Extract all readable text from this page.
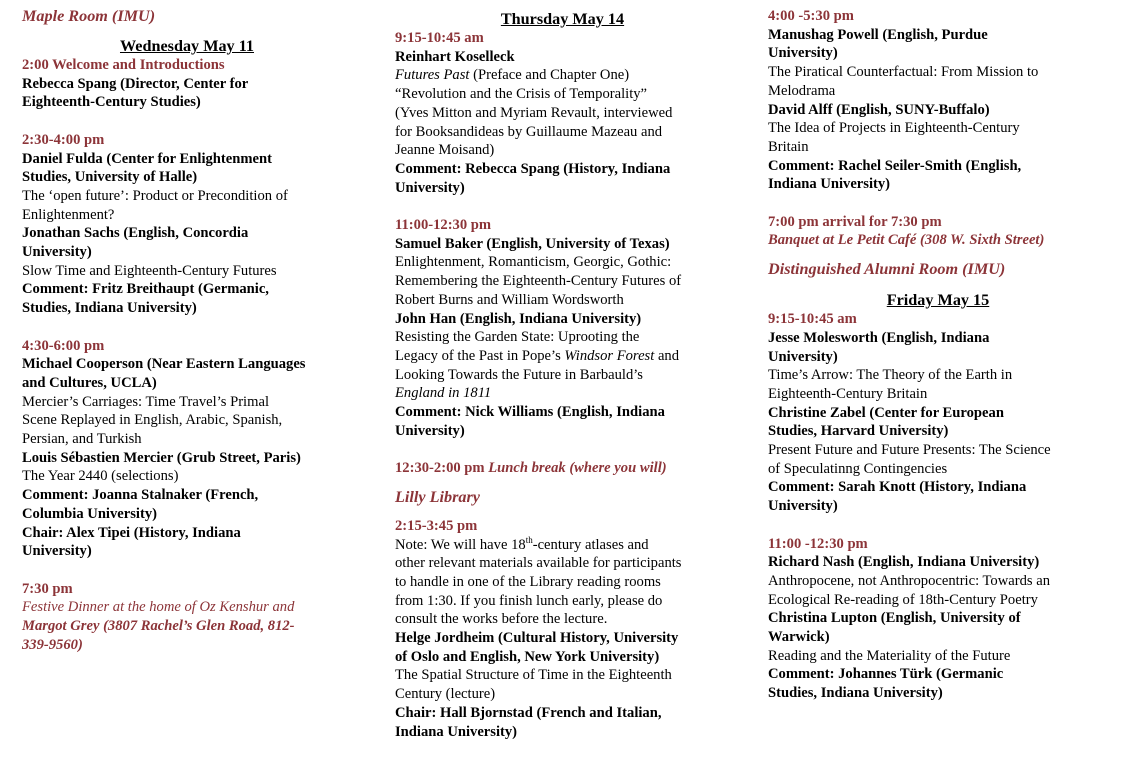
Maple Room (IMU)
Wednesday May 11
2:00 Welcome and Introductions
Rebecca Spang (Director, Center for
Eighteenth-Century Studies)
2:30-4:00 pm
Daniel Fulda (Center for Enlightenment
Studies, University of Halle)
The ‘open future’: Product or Precondition of
Enlightenment?
Jonathan Sachs (English, Concordia
University)
Slow Time and Eighteenth-Century Futures
Comment: Fritz Breithaupt (Germanic,
Studies, Indiana University)
4:30-6:00 pm
Michael Cooperson (Near Eastern Languages
and Cultures, UCLA)
Mercier’s Carriages: Time Travel’s Primal
Scene Replayed in English, Arabic, Spanish,
Persian, and Turkish
Louis Sébastien Mercier (Grub Street, Paris)
The Year 2440 (selections)
Comment: Joanna Stalnaker (French,
Columbia University)
Chair: Alex Tipei (History, Indiana
University)
7:30 pm
Festive Dinner at the home of Oz Kenshur and
Margot Grey (3807 Rachel’s Glen Road, 812-
339-9560)
Thursday May 14
9:15-10:45 am
Reinhart Koselleck
Futures Past (Preface and Chapter One)
“Revolution and the Crisis of Temporality”
(Yves Mitton and Myriam Revault, interviewed
for Booksandideas by Guillaume Mazeau and
Jeanne Moisand)
Comment: Rebecca Spang (History, Indiana
University)
11:00-12:30 pm
Samuel Baker (English, University of Texas)
Enlightenment, Romanticism, Georgic, Gothic:
Remembering the Eighteenth-Century Futures of
Robert Burns and William Wordsworth
John Han (English, Indiana University)
Resisting the Garden State: Uprooting the
Legacy of the Past in Pope’s Windsor Forest and
Looking Towards the Future in Barbauld’s
England in 1811
Comment: Nick Williams (English, Indiana
University)
12:30-2:00 pm Lunch break (where you will)
Lilly Library
2:15-3:45 pm
Note: We will have 18th-century atlases and
other relevant materials available for participants
to handle in one of the Library reading rooms
from 1:30. If you finish lunch early, please do
consult the works before the lecture.
Helge Jordheim (Cultural History, University
of Oslo and English, New York University)
The Spatial Structure of Time in the Eighteenth
Century (lecture)
Chair: Hall Bjornstad (French and Italian,
Indiana University)
4:00 -5:30 pm
Manushag Powell (English, Purdue
University)
The Piratical Counterfactual: From Mission to
Melodrama
David Alff (English, SUNY-Buffalo)
The Idea of Projects in Eighteenth-Century
Britain
Comment: Rachel Seiler-Smith (English,
Indiana University)
7:00 pm arrival for 7:30 pm
Banquet at Le Petit Café (308 W. Sixth Street)
Distinguished Alumni Room (IMU)
Friday May 15
9:15-10:45 am
Jesse Molesworth (English, Indiana
University)
Time’s Arrow: The Theory of the Earth in
Eighteenth-Century Britain
Christine Zabel (Center for European
Studies, Harvard University)
Present Future and Future Presents: The Science
of Speculatinng Contingencies
Comment: Sarah Knott (History, Indiana
University)
11:00 -12:30 pm
Richard Nash (English, Indiana University)
Anthropocene, not Anthropocentric: Towards an
Ecological Re-reading of 18th-Century Poetry
Christina Lupton (English, University of
Warwick)
Reading and the Materiality of the Future
Comment: Johannes Türk (Germanic
Studies, Indiana University)
